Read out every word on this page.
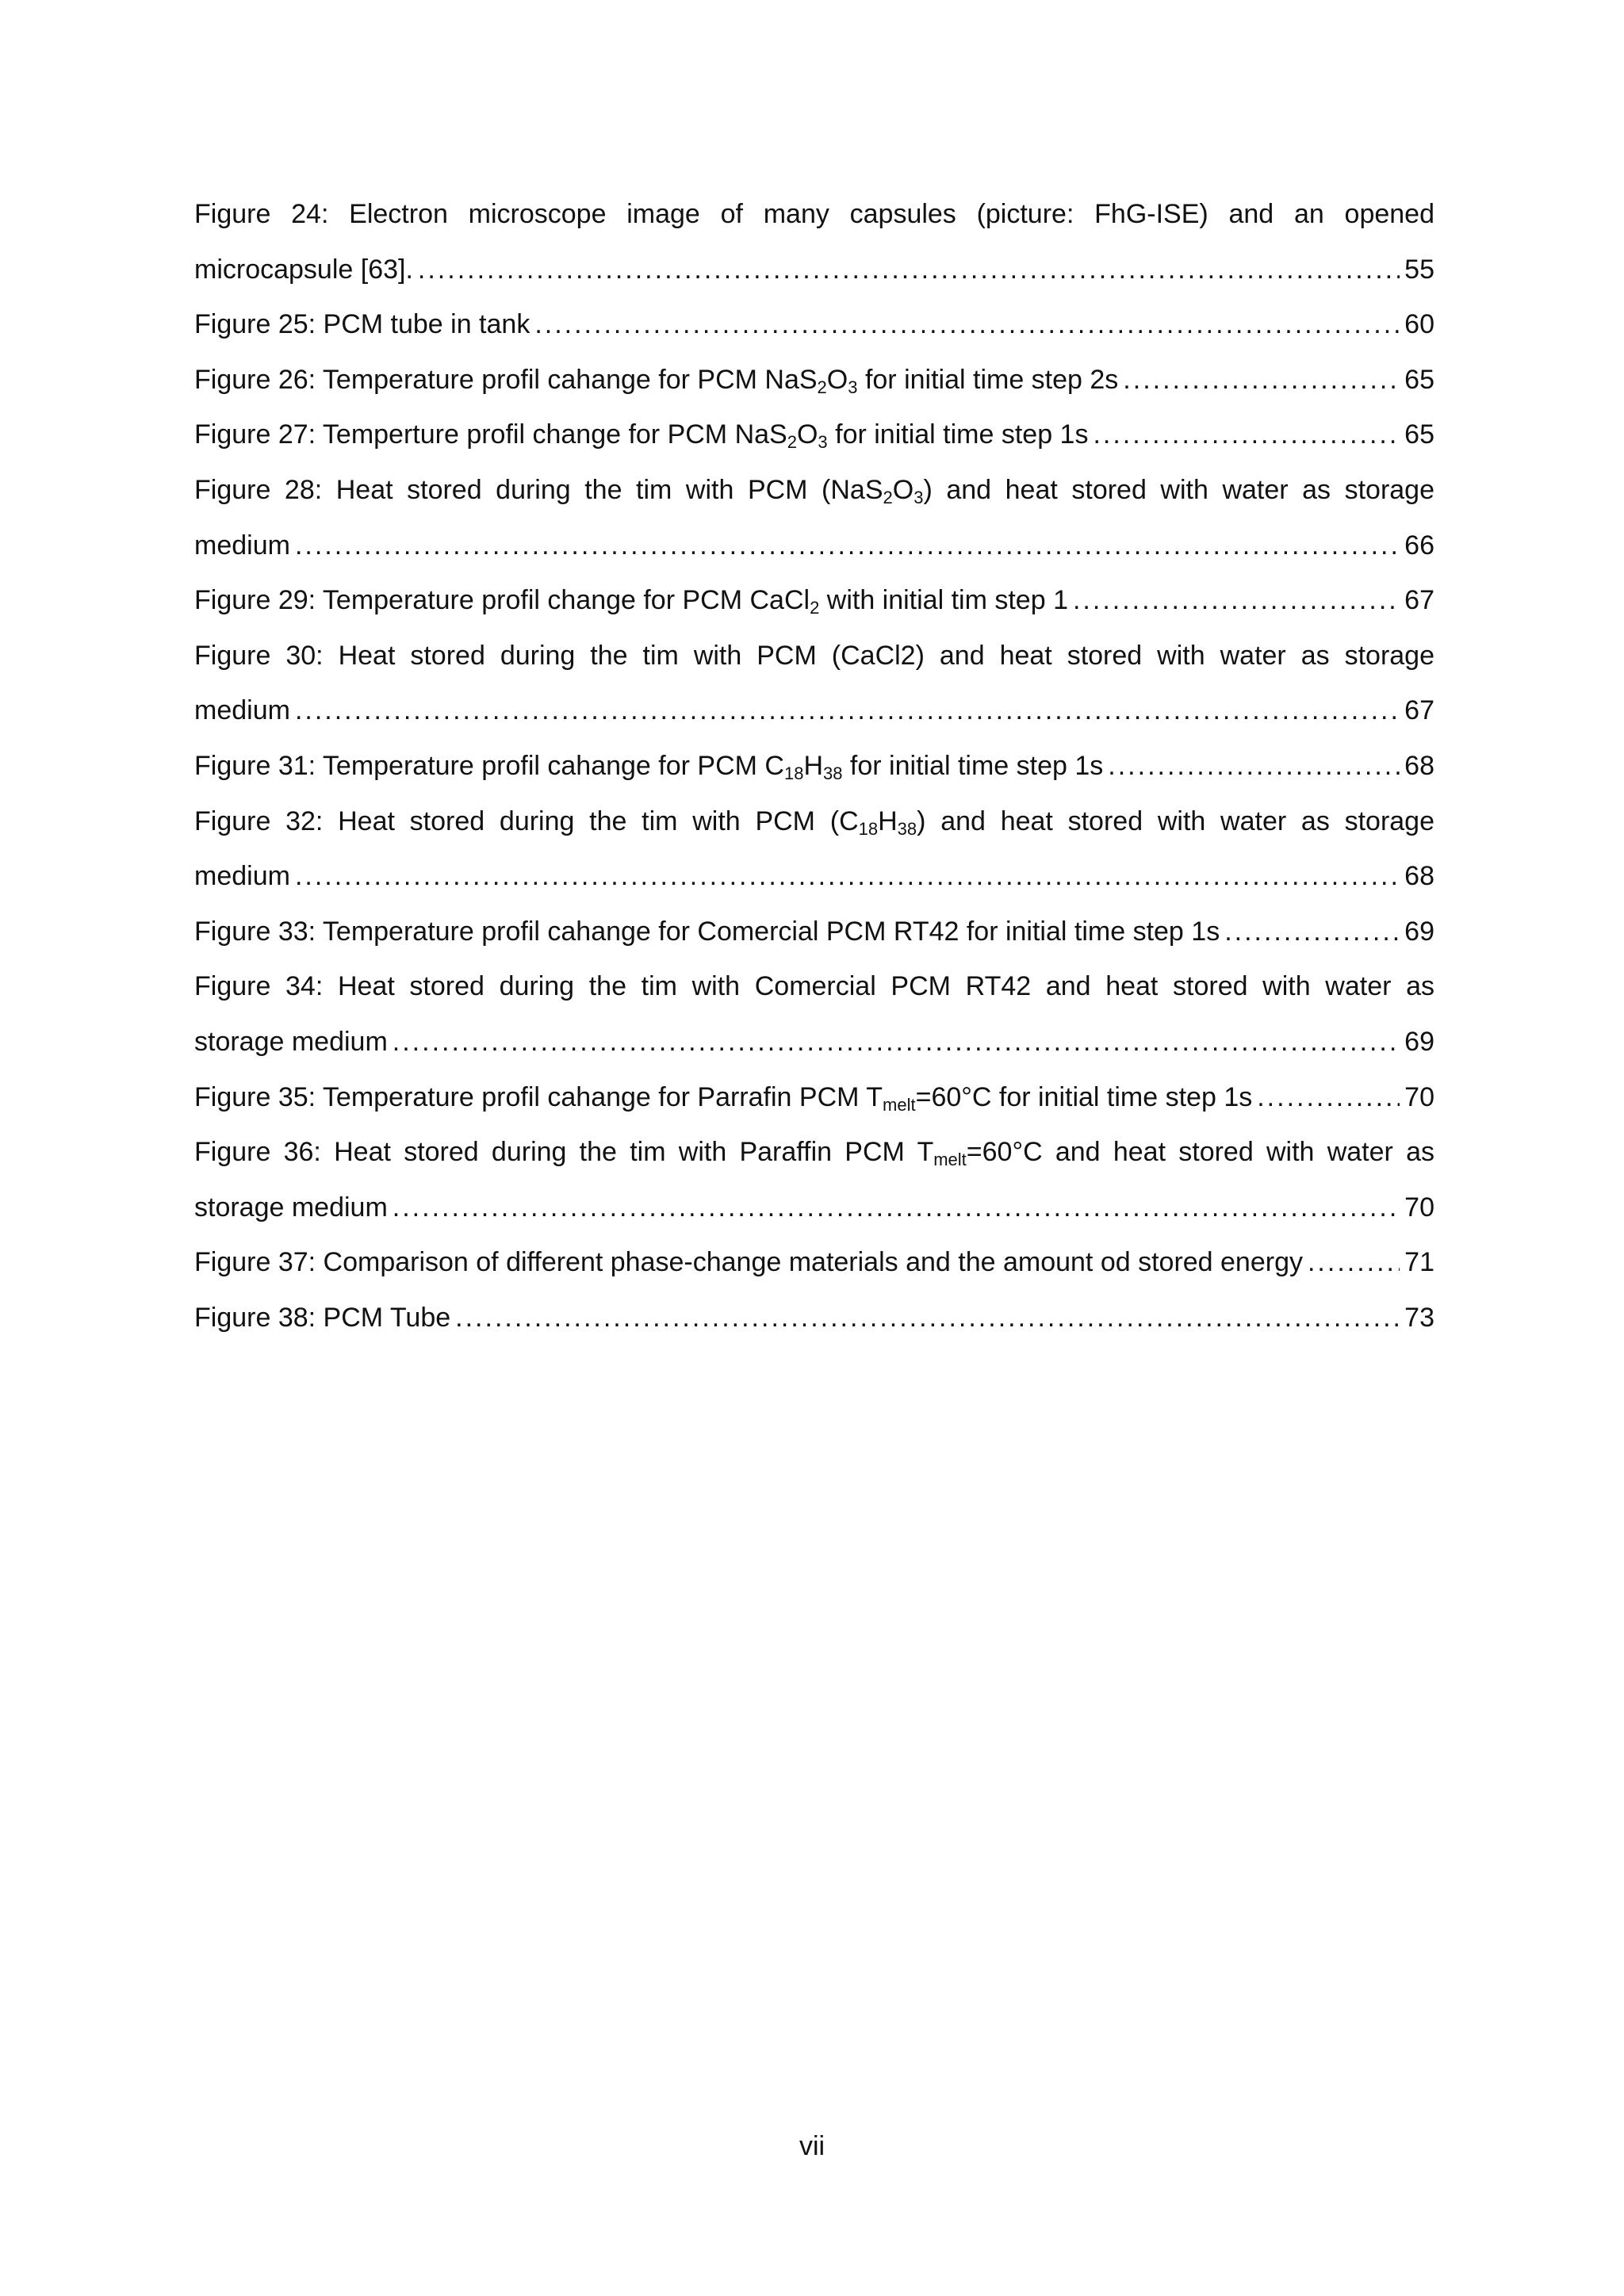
Figure 24: Electron microscope image of many capsules (picture: FhG-ISE) and an opened
microcapsule [63]. .....	55
Figure 25: PCM tube in tank .....	60
Figure 26: Temperature profil cahange for PCM $NaS_2O_3$ for initial time step 2s .....	65
Figure 27: Temperture profil change for PCM $NaS_2O_3$ for initial time step 1s .....	65
Figure 28: Heat stored during the tim with PCM $(NaS_2O_3)$ and heat stored with water as storage
medium .....	66
Figure 29: Temperature profil change for PCM CaCl$_2$ with initial tim step 1 .....	67
Figure 30: Heat stored during the tim with PCM (CaCl2) and heat stored with water as storage
medium .....	67
Figure 31: Temperature profil cahange for PCM $C_{18}H_{38}$ for initial time step 1s .....	68
Figure 32: Heat stored during the tim with PCM $(C_{18}H_{38})$ and heat stored with water as storage
medium .....	68
Figure 33: Temperature profil cahange for Comercial PCM RT42 for initial time step 1s .....	69
Figure 34: Heat stored during the tim with Comercial PCM RT42 and heat stored with water as
storage medium .....	69
Figure 35: Temperature profil cahange for Parrafin PCM $T_{melt}=60^\circ C$ for initial time step 1s .....	70
Figure 36: Heat stored during the tim with Paraffin PCM $T_{melt}=60^\circ C$ and heat stored with water as
storage medium .....	70
Figure 37: Comparison of different phase-change materials and the amount od stored energy .....	71
Figure 38: PCM Tube .....	73
vii
